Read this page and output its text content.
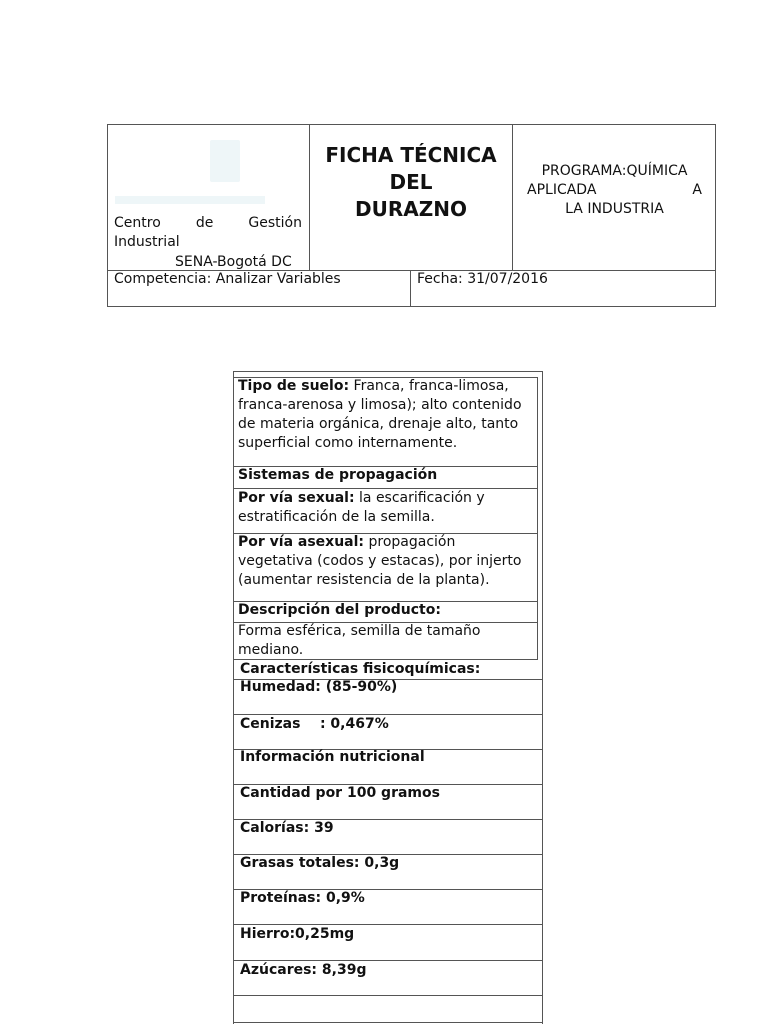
Centro	de	Gestión
Industrial
SENA-Bogotá DC
FICHA TÉCNICA
DEL
DURAZNO
PROGRAMA:QUÍMICA
APLICADA	A
LA INDUSTRIA
Competencia: Analizar Variables	Fecha: 31/07/2016
Tipo de suelo: Franca, franca-limosa,
franca-arenosa y limosa); alto contenido
de materia orgánica, drenaje alto, tanto
superficial como internamente.
Sistemas de propagación
Por vía sexual: la escarificación y
estratificación de la semilla.
Por vía asexual: propagación
vegetativa (codos y estacas), por injerto
(aumentar resistencia de la planta).
Descripción del producto:
Forma esférica, semilla de tamaño
mediano.
Características fisicoquímicas:
Humedad: (85-90%)
Cenizas    : 0,467%
Información nutricional
Cantidad por 100 gramos
Calorías: 39
Grasas totales: 0,3g
Proteínas: 0,9%
Hierro:0,25mg
Azúcares: 8,39g
